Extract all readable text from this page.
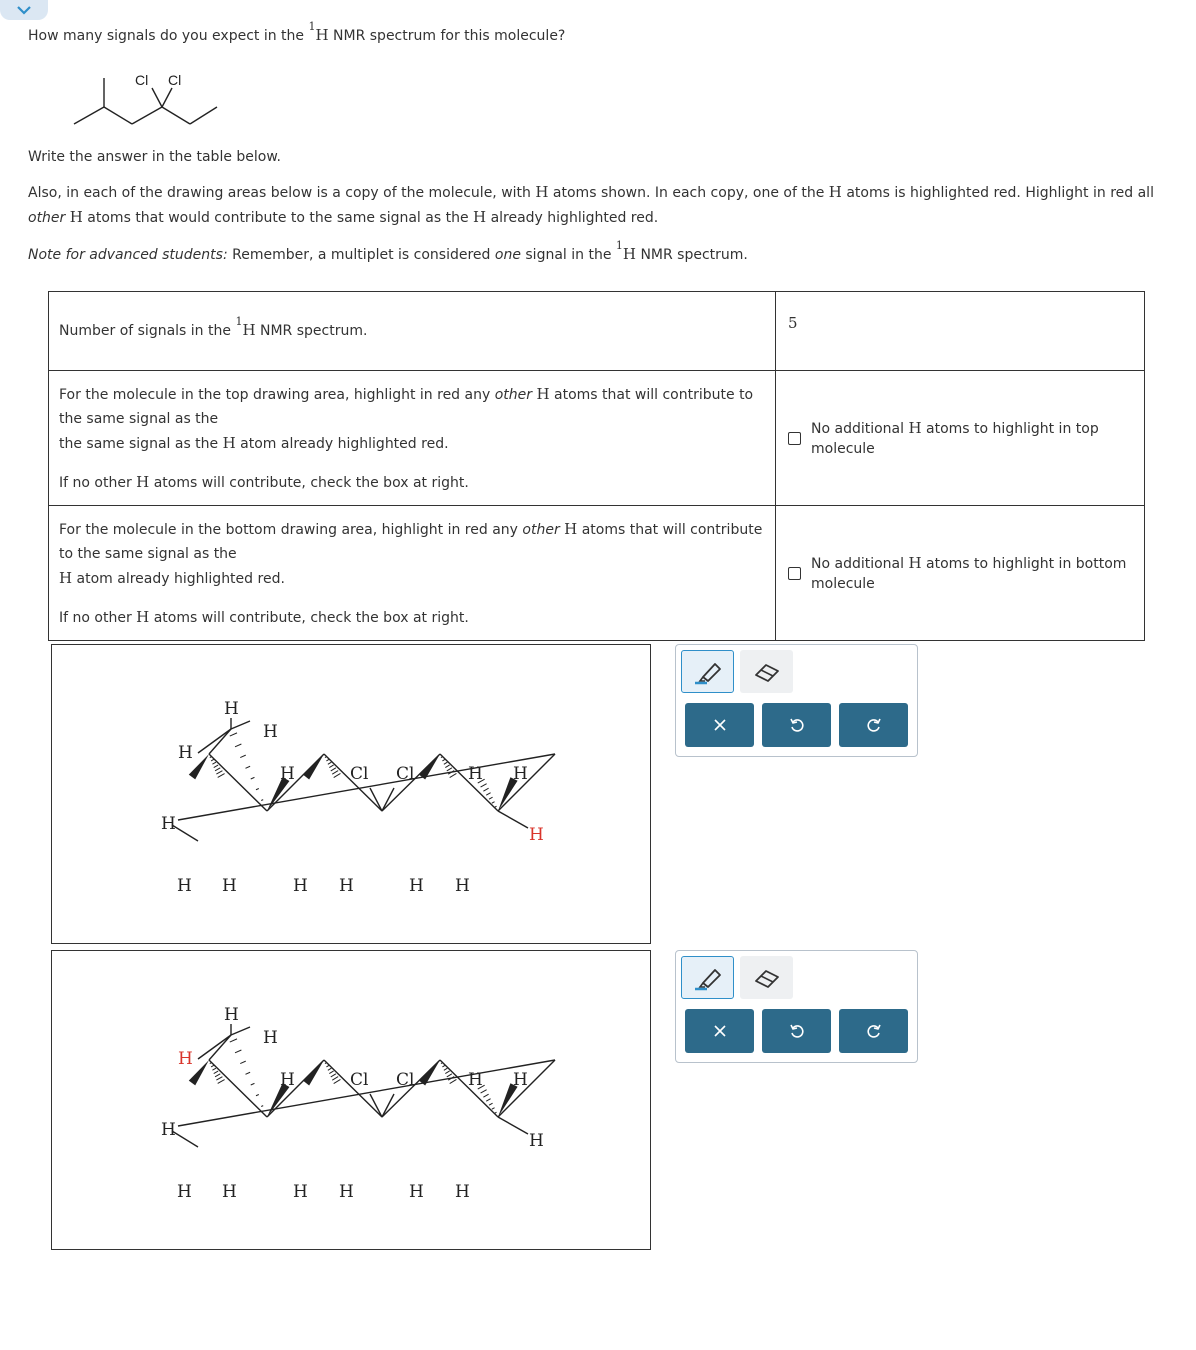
How many signals do you expect in the $^1$H NMR spectrum for this molecule?
Cl Cl
Write the answer in the table below.
Also, in each of the drawing areas below is a copy of the molecule, with H atoms shown. In each copy, one of the H atoms is highlighted red. Highlight in red all
other H atoms that would contribute to the same signal as the H already highlighted red.
Note for advanced students: Remember, a multiplet is considered one signal in the $^1$H NMR spectrum.
Number of signals in the $^1$H NMR spectrum.	5

For the molecule in the top drawing area, highlight in red any other H atoms that will contribute to the same signal as the
the same signal as the H atom already highlighted red.
If no other H atoms will contribute, check the box at right.	No additional H atoms to highlight in top molecule

For the molecule in the bottom drawing area, highlight in red any other H atoms that will contribute to the same signal as the
H atom already highlighted red.
If no other H atoms will contribute, check the box at right.	No additional H atoms to highlight in bottom molecule
H
H
H
H
H H
H
H H
Cl Cl
H H
H H
H
H
H
H
H
H H
H
H H
Cl Cl
H H
H H
H
